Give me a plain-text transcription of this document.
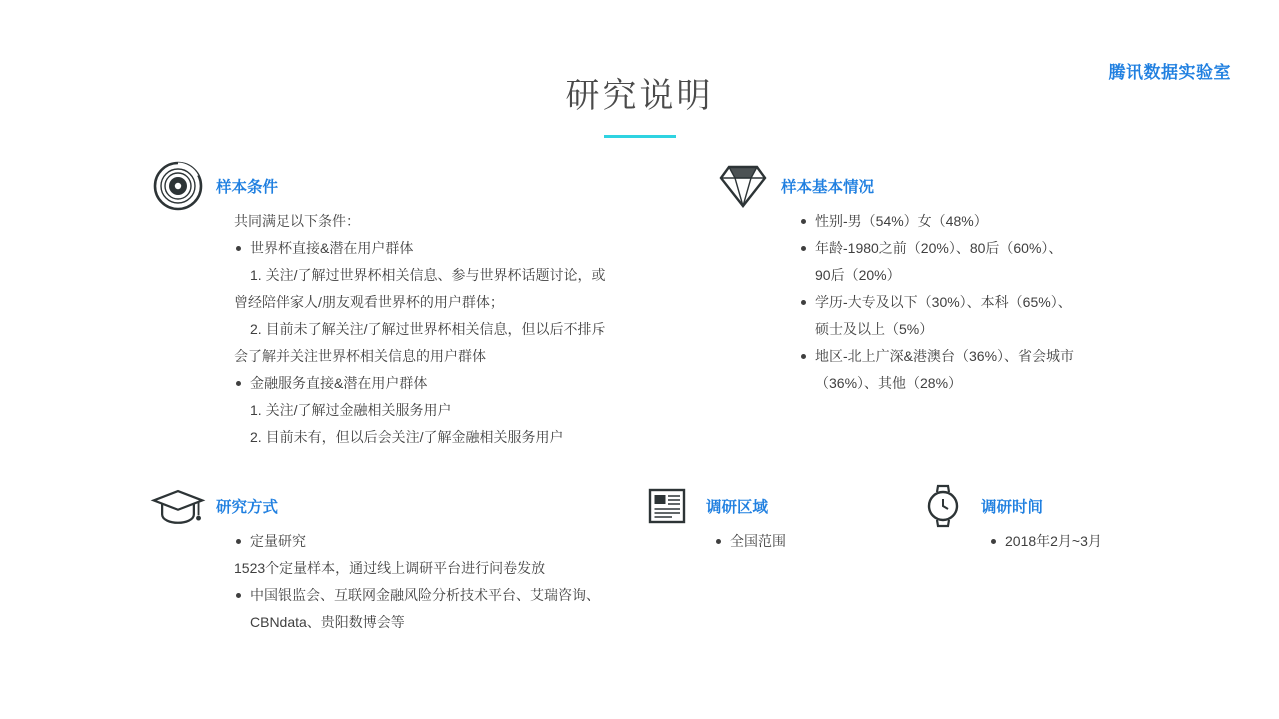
腾讯数据实验室
研究说明
样本条件

共同满足以下条件：

世界杯直接&潜在用户群体

1. 关注/了解过世界杯相关信息、参与世界杯话题讨论，或

曾经陪伴家人/朋友观看世界杯的用户群体；

2. 目前未了解关注/了解过世界杯相关信息，但以后不排斥

会了解并关注世界杯相关信息的用户群体

金融服务直接&潜在用户群体

1. 关注/了解过金融相关服务用户

2. 目前未有，但以后会关注/了解金融相关服务用户

样本基本情况

性别-男（54%）女（48%）

年龄-1980之前（20%）、80后（60%）、

90后（20%）

学历-大专及以下（30%）、本科（65%）、

硕士及以上（5%）

地区-北上广深&港澳台（36%）、省会城市

（36%）、其他（28%）

研究方式

定量研究

1523个定量样本，通过线上调研平台进行问卷发放

中国银监会、互联网金融风险分析技术平台、艾瑞咨询、

CBNdata、贵阳数博会等

调研区域

全国范围

调研时间

2018年2月~3月
